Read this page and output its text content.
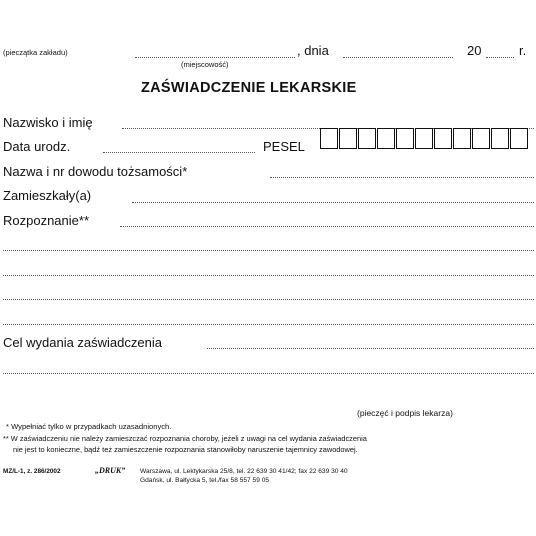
(pieczątka zakładu)	, dnia	20	r.
(miejscowość)
ZAŚWIADCZENIE LEKARSKIE
Nazwisko i imię
Data urodz.	PESEL
Nazwa i nr dowodu tożsamości*
Zamieszkały(a)
Rozpoznanie**
Cel wydania zaświadczenia
(pieczęć i podpis lekarza)
* Wypełniać tylko w przypadkach uzasadnionych.
** W zaświadczeniu nie należy zamieszczać rozpoznania choroby, jeżeli z uwagi na cel wydania zaświadczenia
nie jest to konieczne, bądź też zamieszczenie rozpoznania stanowiłoby naruszenie tajemnicy zawodowej.
MZ/L-1, z. 286/2002	„DRUK” Warszawa, ul. Lektykarska 25/8, tel. 22 639 30 41/42; fax 22 639 30 40
Gdańsk, ul. Bałtycka 5, tel./fax 58 557 59 05
